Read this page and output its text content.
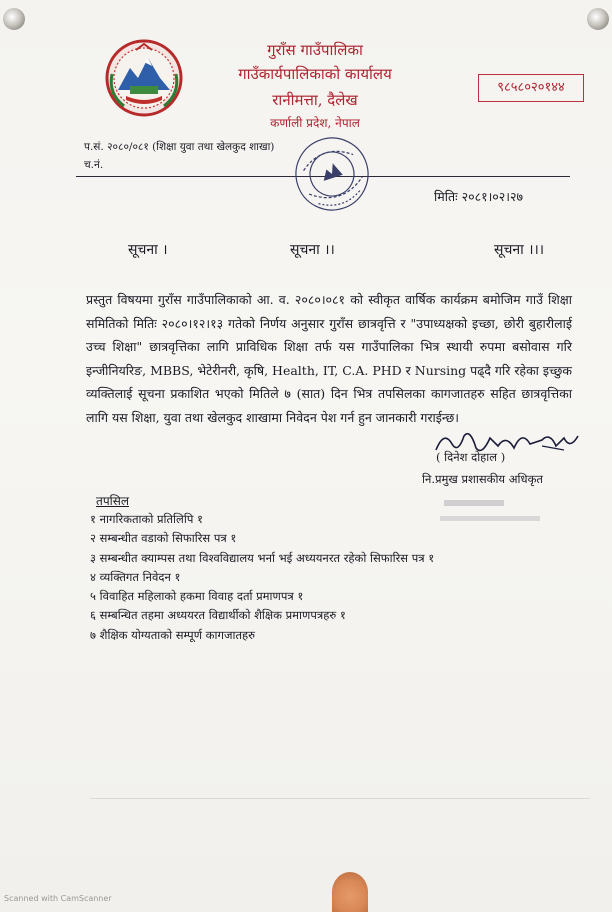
गुराँस गाउँपालिका
गाउँकार्यपालिकाको कार्यालय
रानीमत्ता, दैलेख
कर्णाली प्रदेश, नेपाल
९८५८०२०१४४
प.सं. २०८०/०८१ (शिक्षा युवा तथा खेलकुद शाखा)
च.नं.
मितिः २०८१।०२।२७
सूचना ।	सूचना ।।	सूचना ।।।
प्रस्तुत विषयमा गुराँस गाउँपालिकाको आ. व. २०८०।०८१ को स्वीकृत वार्षिक कार्यक्रम बमोजिम गाउँ शिक्षा समितिको मितिः २०८०।१२।१३ गतेको निर्णय अनुसार गुराँस छात्रवृत्ति र "उपाध्यक्षको इच्छा, छोरी बुहारीलाई उच्च शिक्षा" छात्रवृत्तिका लागि प्राविधिक शिक्षा तर्फ यस गाउँपालिका भित्र स्थायी रुपमा बसोवास गरि इन्जीनियरिङ, MBBS, भेटेरीनरी, कृषि, Health, IT, C.A. PHD र Nursing पढ्दै गरि रहेका इच्छुक व्यक्तिलाई सूचना प्रकाशित भएको मितिले ७ (सात) दिन भित्र तपसिलका कागजातहरु सहित छात्रवृत्तिका लागि यस शिक्षा, युवा तथा खेलकुद शाखामा निवेदन पेश गर्न हुन जानकारी गराईन्छ।
( दिनेश दोहाल )
नि.प्रमुख प्रशासकीय अधिकृत
तपसिल
१ नागरिकताको प्रतिलिपि १
२ सम्बन्धीत वडाको सिफारिस पत्र १
३ सम्बन्धीत क्याम्पस तथा विश्वविद्यालय भर्ना भई अध्ययनरत रहेको सिफारिस पत्र १
४ व्यक्तिगत निवेदन १
५ विवाहित महिलाको हकमा विवाह दर्ता प्रमाणपत्र १
६ सम्बन्धित तहमा अध्ययरत विद्यार्थीको शैक्षिक प्रमाणपत्रहरु १
७ शैक्षिक योग्यताको सम्पूर्ण कागजातहरु
Scanned with CamScanner
